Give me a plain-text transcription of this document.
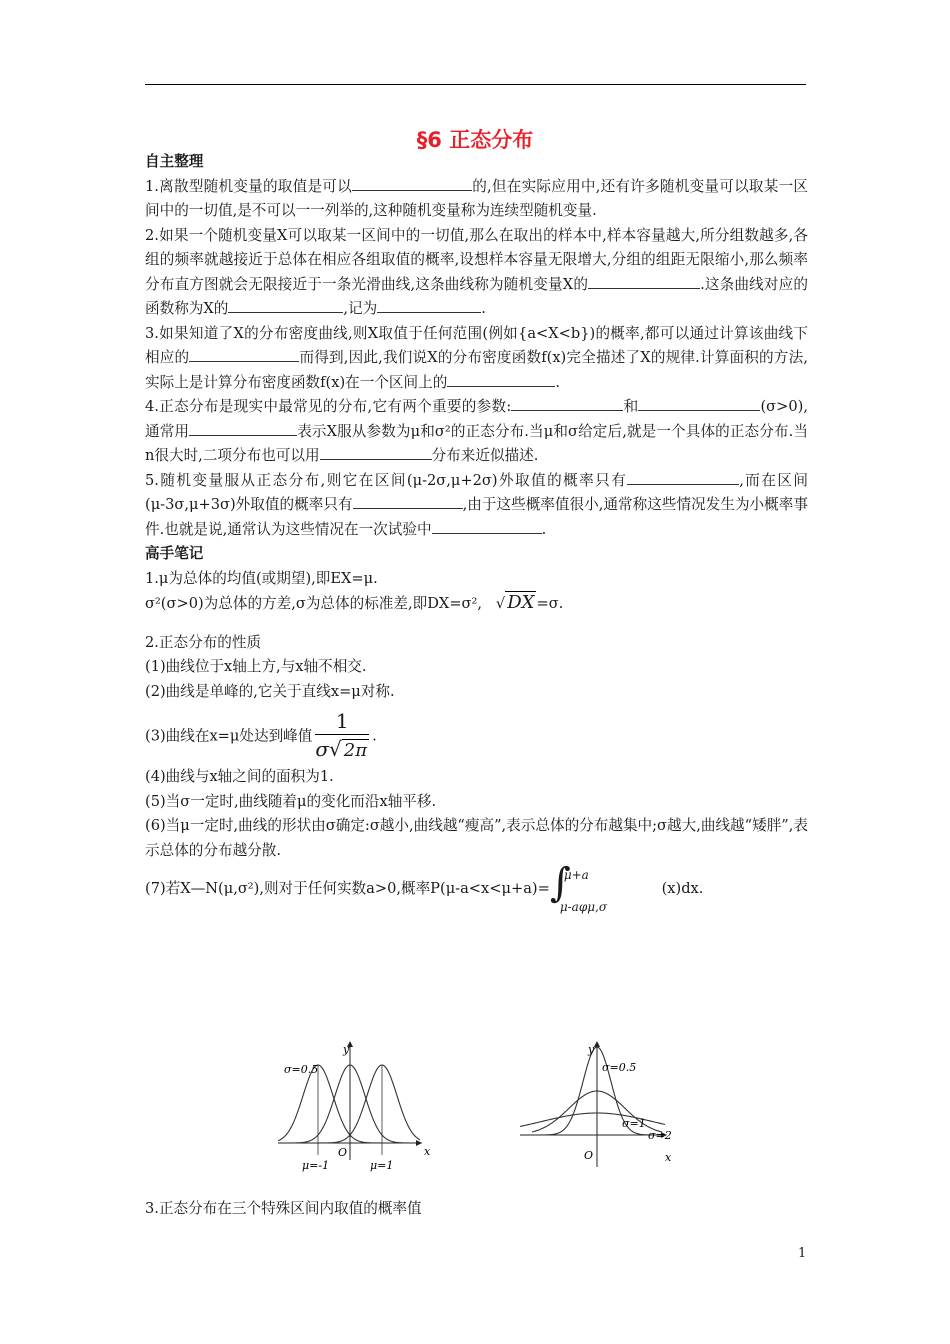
§6 正态分布

自主整理

1.离散型随机变量的取值是可以	的,但在实际应用中,还有许多随机变量可以取某一区间中的一切值,是不可以一一列举的,这种随机变量称为连续型随机变量.

2.如果一个随机变量X可以取某一区间中的一切值,那么在取出的样本中,样本容量越大,所分组数越多,各组的频率就越接近于总体在相应各组取值的概率,设想样本容量无限增大,分组的组距无限缩小,那么频率分布直方图就会无限接近于一条光滑曲线,这条曲线称为随机变量X的	.这条曲线对应的函数称为X的	,记为	.

3.如果知道了X的分布密度曲线,则X取值于任何范围(例如{a<X<b})的概率,都可以通过计算该曲线下相应的	而得到,因此,我们说X的分布密度函数f(x)完全描述了X的规律.计算面积的方法,实际上是计算分布密度函数f(x)在一个区间上的	.

4.正态分布是现实中最常见的分布,它有两个重要的参数:	和	(σ>0),通常用	表示X服从参数为μ和σ²的正态分布.当μ和σ给定后,就是一个具体的正态分布.当n很大时,二项分布也可以用	分布来近似描述.

5.随机变量服从正态分布,则它在区间(μ-2σ,μ+2σ)外取值的概率只有	,而在区间(μ-3σ,μ+3σ)外取值的概率只有	,由于这些概率值很小,通常称这些情况发生为小概率事件.也就是说,通常认为这些情况在一次试验中	.

高手笔记

1.μ为总体的均值(或期望),即EX=μ.

σ²(σ>0)为总体的方差,σ为总体的标准差,即DX=σ²,   √ DX =σ.

2.正态分布的性质

(1)曲线位于x轴上方,与x轴不相交.

(2)曲线是单峰的,它关于直线x=μ对称.

(3)曲线在x=μ处达到峰值 $\frac{1}{\sigma√ 2\pi}$ .

(4)曲线与x轴之间的面积为1.

(5)当σ一定时,曲线随着μ的变化而沿x轴平移.

(6)当μ一定时,曲线的形状由σ确定:σ越小,曲线越“瘦高”,表示总体的分布越集中;σ越大,曲线越“矮胖”,表示总体的分布越分散.

(7)若X—N(μ,σ²),则对于任何实数a>0,概率P(μ-a<x<μ+a)= ∫
μ+a
μ-aφμ,σ
(x)dx.

σ=0.5
y
x
O
μ=-1	μ=1
y
x
O
σ=0.5
σ=1
σ=2

3.正态分布在三个特殊区间内取值的概率值

1
